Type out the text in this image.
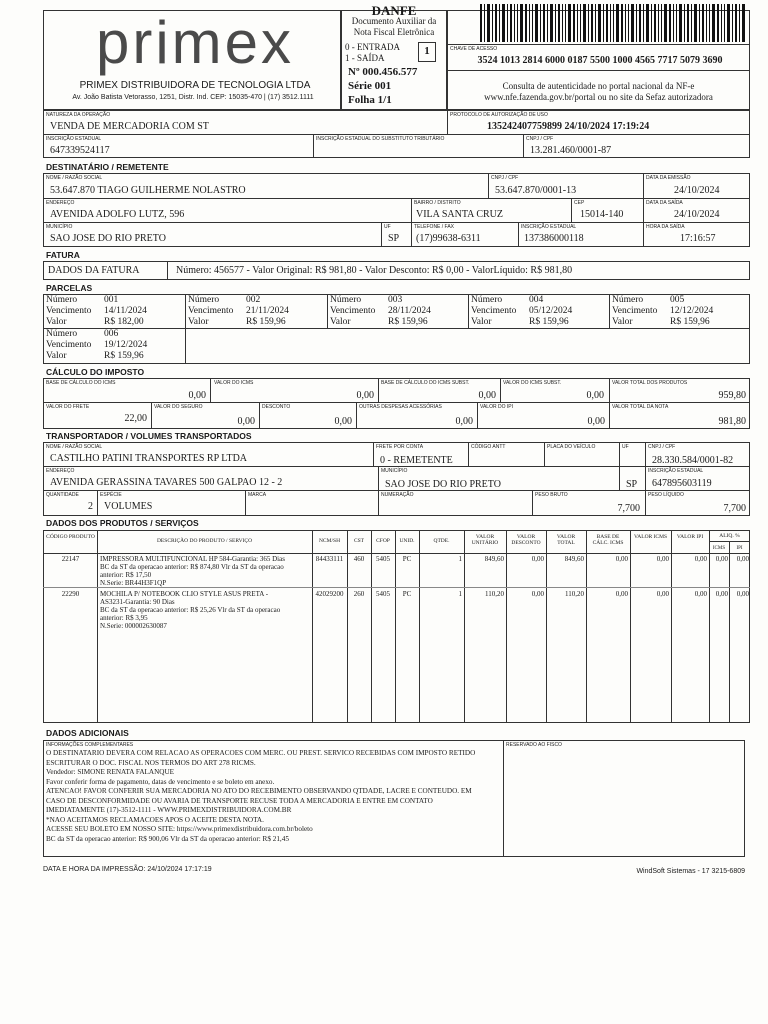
primex
PRIMEX DISTRIBUIDORA DE TECNOLOGIA LTDA
Av. João Batista Vetorasso, 1251, Distr. Ind. CEP: 15035-470 | (17) 3512.1111
DANFE
Documento Auxiliar da
Nota Fiscal Eletrônica
0 - ENTRADA
1 - SAÍDA
1
Nº 000.456.577
Série 001
Folha 1/1
CHAVE DE ACESSO
3524 1013 2814 6000 0187 5500 1000 4565 7717 5079 3690
Consulta de autenticidade no portal nacional da NF-e
www.nfe.fazenda.gov.br/portal ou no site da Sefaz autorizadora
NATUREZA DA OPERAÇÃO
VENDA DE MERCADORIA COM ST
PROTOCOLO DE AUTORIZAÇÃO DE USO
135242407759899 24/10/2024 17:19:24
INSCRIÇÃO ESTADUAL
647339524117
INSCRIÇÃO ESTADUAL DO SUBSTITUTO TRIBUTÁRIO	CNPJ / CPF
13.281.460/0001-87
DESTINATÁRIO / REMETENTE
NOME / RAZÃO SOCIAL
53.647.870 TIAGO GUILHERME NOLASTRO
CNPJ / CPF
53.647.870/0001-13
DATA DA EMISSÃO
24/10/2024
ENDEREÇO
AVENIDA ADOLFO LUTZ, 596
BAIRRO / DISTRITO
VILA SANTA CRUZ
CEP
15014-140
DATA DA SAÍDA
24/10/2024
MUNICÍPIO
SAO JOSE DO RIO PRETO
UF
SP
TELEFONE / FAX
(17)99638-6311
INSCRIÇÃO ESTADUAL
137386000118
HORA DA SAÍDA
17:16:57
FATURA
DADOS DA FATURA	Número: 456577 - Valor Original: R$ 981,80 - Valor Desconto: R$ 0,00 - ValorLíquido: R$ 981,80
PARCELAS
Número	001
Vencimento 14/11/2024
Valor	R$ 182,00
Número	002
Vencimento 21/11/2024
Valor	R$ 159,96
Número	003
Vencimento 28/11/2024
Valor	R$ 159,96
Número	004
Vencimento 05/12/2024
Valor	R$ 159,96
Número	005
Vencimento 12/12/2024
Valor	R$ 159,96
Número	006
Vencimento 19/12/2024
Valor	R$ 159,96
CÁLCULO DO IMPOSTO
BASE DE CÁLCULO DO ICMS
0,00
VALOR DO ICMS
0,00
BASE DE CÁLCULO DO ICMS SUBST.
0,00
VALOR DO ICMS SUBST.
0,00
VALOR TOTAL DOS PRODUTOS
959,80
VALOR DO FRETE
22,00
VALOR DO SEGURO
0,00
DESCONTO
0,00
OUTRAS DESPESAS ACESSÓRIAS
0,00
VALOR DO IPI
0,00
VALOR TOTAL DA NOTA
981,80
TRANSPORTADOR / VOLUMES TRANSPORTADOS
NOME / RAZÃO SOCIAL
CASTILHO PATINI TRANSPORTES RP LTDA
FRETE POR CONTA
0 - REMETENTE
CÓDIGO ANTT	PLACA DO VEÍCULO	UF	CNPJ / CPF
28.330.584/0001-82
ENDEREÇO
AVENIDA GERASSINA TAVARES 500 GALPAO 12 - 2
MUNICÍPIO
SAO JOSE DO RIO PRETO	SP
INSCRIÇÃO ESTADUAL
647895603119
QUANTIDADE
2
ESPÉCIE
VOLUMES
MARCA	NUMERAÇÃO	PESO BRUTO
7,700
PESO LÍQUIDO
7,700
DADOS DOS PRODUTOS / SERVIÇOS
CÓDIGO PRODUTO
DESCRIÇÃO DO PRODUTO / SERVIÇO	NCM/SH	CST	CFOP	UNID.	QTDE.
VALOR UNITÁRIO
VALOR DESCONTO
VALOR TOTAL
BASE DE CÁLC. ICMS
VALOR ICMS	VALOR IPI	ALIQ. %
ICMS	IPI
22147	IMPRESSORA MULTIFUNCIONAL HP 584-Garantia: 365 Dias
BC da ST da operacao anterior: R$ 874,80 Vlr da ST da operacao
anterior: R$ 17,50
N.Serie: BR44H3F1QP
84433111	460	5405	PC	1	849,60	0,00	849,60	0,00	0,00	0,00	0,00	0,00
22290	MOCHILA P/ NOTEBOOK CLIO STYLE ASUS PRETA -
AS3231-Garantia: 90 Dias
BC da ST da operacao anterior: R$ 25,26 Vlr da ST da operacao
anterior: R$ 3,95
N.Serie: 000002630087
42029200	260	5405	PC	1	110,20	0,00	110,20	0,00	0,00	0,00	0,00	0,00
DADOS ADICIONAIS
INFORMAÇÕES COMPLEMENTARES	RESERVADO AO FISCO
O DESTINATARIO DEVERA COM RELACAO AS OPERACOES COM MERC. OU PREST. SERVICO RECEBIDAS COM IMPOSTO RETIDO
ESCRITURAR O DOC. FISCAL NOS TERMOS DO ART 278 RICMS.
Vendedor: SIMONE RENATA FALANQUE
Favor conferir forma de pagamento, datas de vencimento e se boleto em anexo.
ATENCAO! FAVOR CONFERIR SUA MERCADORIA NO ATO DO RECEBIMENTO OBSERVANDO QTDADE, LACRE E CONTEUDO. EM
CASO DE DESCONFORMIDADE OU AVARIA DE TRANSPORTE RECUSE TODA A MERCADORIA E ENTRE EM CONTATO
IMEDIATAMENTE (17)-3512-1111 - WWW.PRIMEXDISTRIBUIDORA.COM.BR
*NAO ACEITAMOS RECLAMACOES APOS O ACEITE DESTA NOTA.
ACESSE SEU BOLETO EM NOSSO SITE: https://www.primexdistribuidora.com.br/boleto
BC da ST da operacao anterior: R$ 900,06 Vlr da ST da operacao anterior: R$ 21,45
DATA E HORA DA IMPRESSÃO: 24/10/2024 17:17:19	WindSoft Sistemas - 17 3215-6809
